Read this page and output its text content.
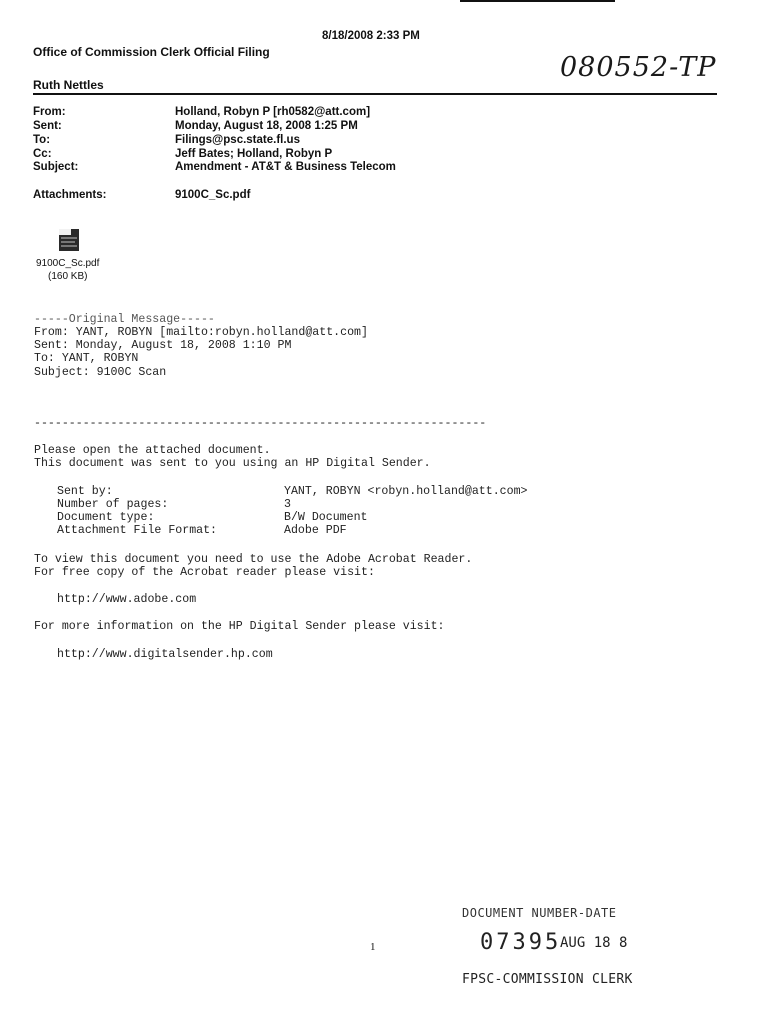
8/18/2008 2:33 PM
Office of Commission Clerk Official Filing	080552-TP
Ruth Nettles
From:	Holland, Robyn P [rh0582@att.com]
Sent:	Monday, August 18, 2008 1:25 PM
To:	Filings@psc.state.fl.us
Cc:	Jeff Bates; Holland, Robyn P
Subject:	Amendment - AT&T & Business Telecom
Attachments:	9100C_Sc.pdf
9100C_Sc.pdf
(160 KB)
-----Original Message-----
From: YANT, ROBYN [mailto:robyn.holland@att.com]
Sent: Monday, August 18, 2008 1:10 PM
To: YANT, ROBYN
Subject: 9100C Scan
-----------------------------------------------------------------
Please open the attached document.
This document was sent to you using an HP Digital Sender.
Sent by:	YANT, ROBYN <robyn.holland@att.com>
Number of pages:	3
Document type:	B/W Document
Attachment File Format:	Adobe PDF
To view this document you need to use the Adobe Acrobat Reader.
For free copy of the Acrobat reader please visit:
http://www.adobe.com
For more information on the HP Digital Sender please visit:
http://www.digitalsender.hp.com
1
DOCUMENT NUMBER-DATE
07395
AUG 18 8
FPSC-COMMISSION CLERK
